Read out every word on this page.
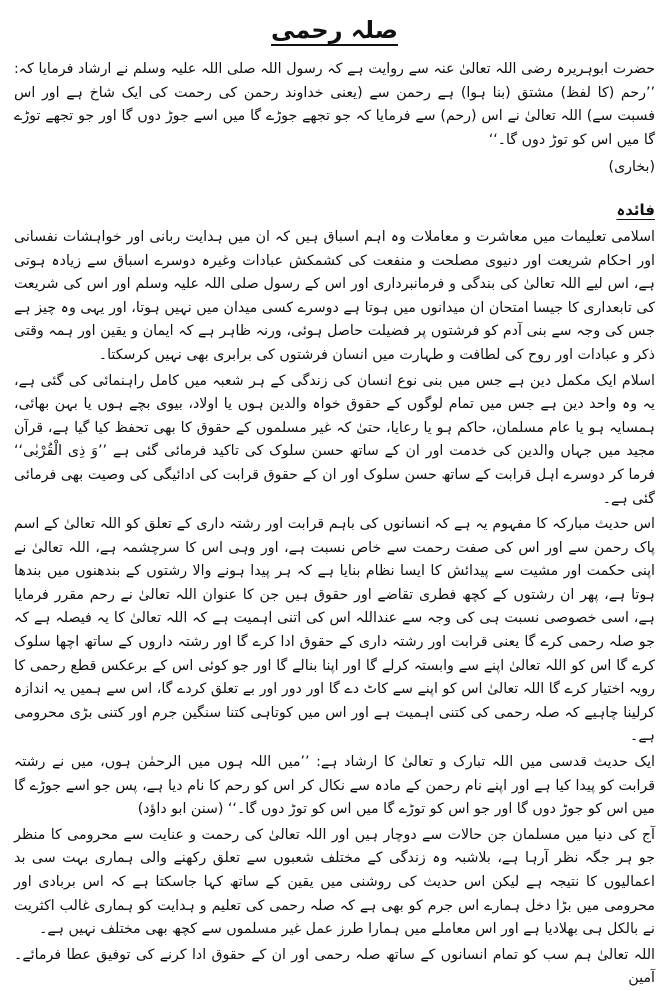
صلہ رحمی

حضرت ابوہریرہ رضی اللہ تعالیٰ عنہ سے روایت ہے کہ رسول اللہ صلی اللہ علیہ وسلم نے ارشاد فرمایا کہ: ’’رحم (کا لفظ) مشتق (بنا ہوا) ہے رحمن سے (یعنی خداوند رحمن کی رحمت کی ایک شاخ ہے اور اس فسبت سے) اللہ تعالیٰ نے اس (رحم) سے فرمایا کہ جو تجھے جوڑے گا میں اسے جوڑ دوں گا اور جو تجھے توڑے گا میں اس کو توڑ دوں گا۔‘‘

(بخاری)
فائدہ

اسلامی تعلیمات میں معاشرت و معاملات وہ اہم اسباق ہیں کہ ان میں ہدایت ربانی اور خواہشات نفسانی اور احکام شریعت اور دنیوی مصلحت و منفعت کی کشمکش عبادات وغیرہ دوسرے اسباق سے زیادہ ہوتی ہے، اس لیے اللہ تعالیٰ کی بندگی و فرمانبرداری اور اس کے رسول صلی اللہ علیہ وسلم اور اس کی شریعت کی تابعداری کا جیسا امتحان ان میدانوں میں ہوتا ہے دوسرے کسی میدان میں نہیں ہوتا، اور یہی وہ چیز ہے جس کی وجہ سے بنی آدم کو فرشتوں پر فضیلت حاصل ہوئی، ورنہ ظاہر ہے کہ ایمان و یقین اور ہمہ وقتی ذکر و عبادات اور روح کی لطافت و طہارت میں انسان فرشتوں کی برابری بھی نہیں کرسکتا۔

اسلام ایک مکمل دین ہے جس میں بنی نوع انسان کی زندگی کے ہر شعبہ میں کامل راہنمائی کی گئی ہے، یہ وہ واحد دین ہے جس میں تمام لوگوں کے حقوق خواہ والدین ہوں یا اولاد، بیوی بچے ہوں یا بہن بھائی، ہمسایہ ہو یا عام مسلمان، حاکم ہو یا رعایا، حتیٰ کہ غیر مسلموں کے حقوق کا بھی تحفظ کیا گیا ہے، قرآن مجید میں جہاں والدین کی خدمت اور ان کے ساتھ حسن سلوک کی تاکید فرمائی گئی ہے ’’وَ ذِی الْقُرْبٰی‘‘ فرما کر دوسرے اہل قرابت کے ساتھ حسن سلوک اور ان کے حقوق قرابت کی ادائیگی کی وصیت بھی فرمائی گئی ہے۔

اس حدیث مبارکہ کا مفہوم یہ ہے کہ انسانوں کی باہم قرابت اور رشتہ داری کے تعلق کو اللہ تعالیٰ کے اسم پاک رحمن سے اور اس کی صفت رحمت سے خاص نسبت ہے، اور وہی اس کا سرچشمہ ہے، اللہ تعالیٰ نے اپنی حکمت اور مشیت سے پیدائش کا ایسا نظام بنایا ہے کہ ہر پیدا ہونے والا رشتوں کے بندھنوں میں بندھا ہوتا ہے، پھر ان رشتوں کے کچھ فطری تقاضے اور حقوق ہیں جن کا عنوان اللہ تعالیٰ نے رحم مقرر فرمایا ہے، اسی خصوصی نسبت ہی کی وجہ سے عنداللہ اس کی اتنی اہمیت ہے کہ اللہ تعالیٰ کا یہ فیصلہ ہے کہ جو صلہ رحمی کرے گا یعنی قرابت اور رشتہ داری کے حقوق ادا کرے گا اور رشتہ داروں کے ساتھ اچھا سلوک کرے گا اس کو اللہ تعالیٰ اپنے سے وابستہ کرلے گا اور اپنا بنالے گا اور جو کوئی اس کے برعکس قطع رحمی کا رویہ اختیار کرے گا اللہ تعالیٰ اس کو اپنے سے کاٹ دے گا اور دور اور بے تعلق کردے گا، اس سے ہمیں یہ اندازہ کرلینا چاہیے کہ صلہ رحمی کی کتنی اہمیت ہے اور اس میں کوتاہی کتنا سنگین جرم اور کتنی بڑی محرومی ہے۔

ایک حدیث قدسی میں اللہ تبارک و تعالیٰ کا ارشاد ہے: ’’میں اللہ ہوں میں الرحمٰن ہوں، میں نے رشتہ قرابت کو پیدا کیا ہے اور اپنے نام رحمن کے مادہ سے نکال کر اس کو رحم کا نام دیا ہے، پس جو اسے جوڑے گا میں اس کو جوڑ دوں گا اور جو اس کو توڑے گا میں اس کو توڑ دوں گا۔‘‘ (سنن ابو داؤد)

آج کی دنیا میں مسلمان جن حالات سے دوچار ہیں اور اللہ تعالیٰ کی رحمت و عنایت سے محرومی کا منظر جو ہر جگہ نظر آرہا ہے، بلاشبہ وہ زندگی کے مختلف شعبوں سے تعلق رکھنے والی ہماری بہت سی بد اعمالیوں کا نتیجہ ہے لیکن اس حدیث کی روشنی میں یقین کے ساتھ کہا جاسکتا ہے کہ اس بربادی اور محرومی میں بڑا دخل ہمارے اس جرم کو بھی ہے کہ صلہ رحمی کی تعلیم و ہدایت کو ہماری غالب اکثریت نے بالکل ہی بھلادیا ہے اور اس معاملے میں ہمارا طرز عمل غیر مسلموں سے کچھ بھی مختلف نہیں ہے۔

اللہ تعالیٰ ہم سب کو تمام انسانوں کے ساتھ صلہ رحمی اور ان کے حقوق ادا کرنے کی توفیق عطا فرمائے۔ آمین
